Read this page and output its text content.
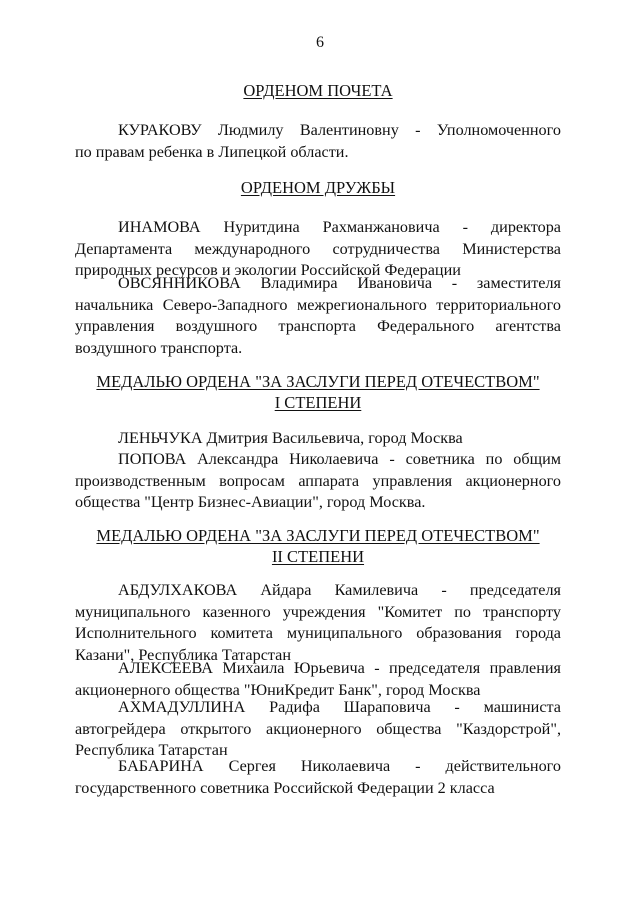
6
ОРДЕНОМ ПОЧЕТА
КУРАКОВУ Людмилу Валентиновну - Уполномоченного
по правам ребенка в Липецкой области.
ОРДЕНОМ ДРУЖБЫ
ИНАМОВА Нуритдина Рахманжановича - директора
Департамента международного сотрудничества Министерства
природных ресурсов и экологии Российской Федерации
ОВСЯННИКОВА Владимира Ивановича - заместителя
начальника Северо-Западного межрегионального территориального
управления воздушного транспорта Федерального агентства
воздушного транспорта.
МЕДАЛЬЮ ОРДЕНА "ЗА ЗАСЛУГИ ПЕРЕД ОТЕЧЕСТВОМ"
I СТЕПЕНИ
ЛЕНЬЧУКА Дмитрия Васильевича, город Москва
ПОПОВА Александра Николаевича - советника по общим
производственным вопросам аппарата управления акционерного
общества "Центр Бизнес-Авиации", город Москва.
МЕДАЛЬЮ ОРДЕНА "ЗА ЗАСЛУГИ ПЕРЕД ОТЕЧЕСТВОМ"
II СТЕПЕНИ
АБДУЛХАКОВА Айдара Камилевича - председателя
муниципального казенного учреждения "Комитет по транспорту
Исполнительного комитета муниципального образования города
Казани", Республика Татарстан
АЛЕКСЕЕВА Михаила Юрьевича - председателя правления
акционерного общества "ЮниКредит Банк", город Москва
АХМАДУЛЛИНА Радифа Шараповича - машиниста
автогрейдера открытого акционерного общества "Каздорстрой",
Республика Татарстан
БАБАРИНА Сергея Николаевича - действительного
государственного советника Российской Федерации 2 класса
